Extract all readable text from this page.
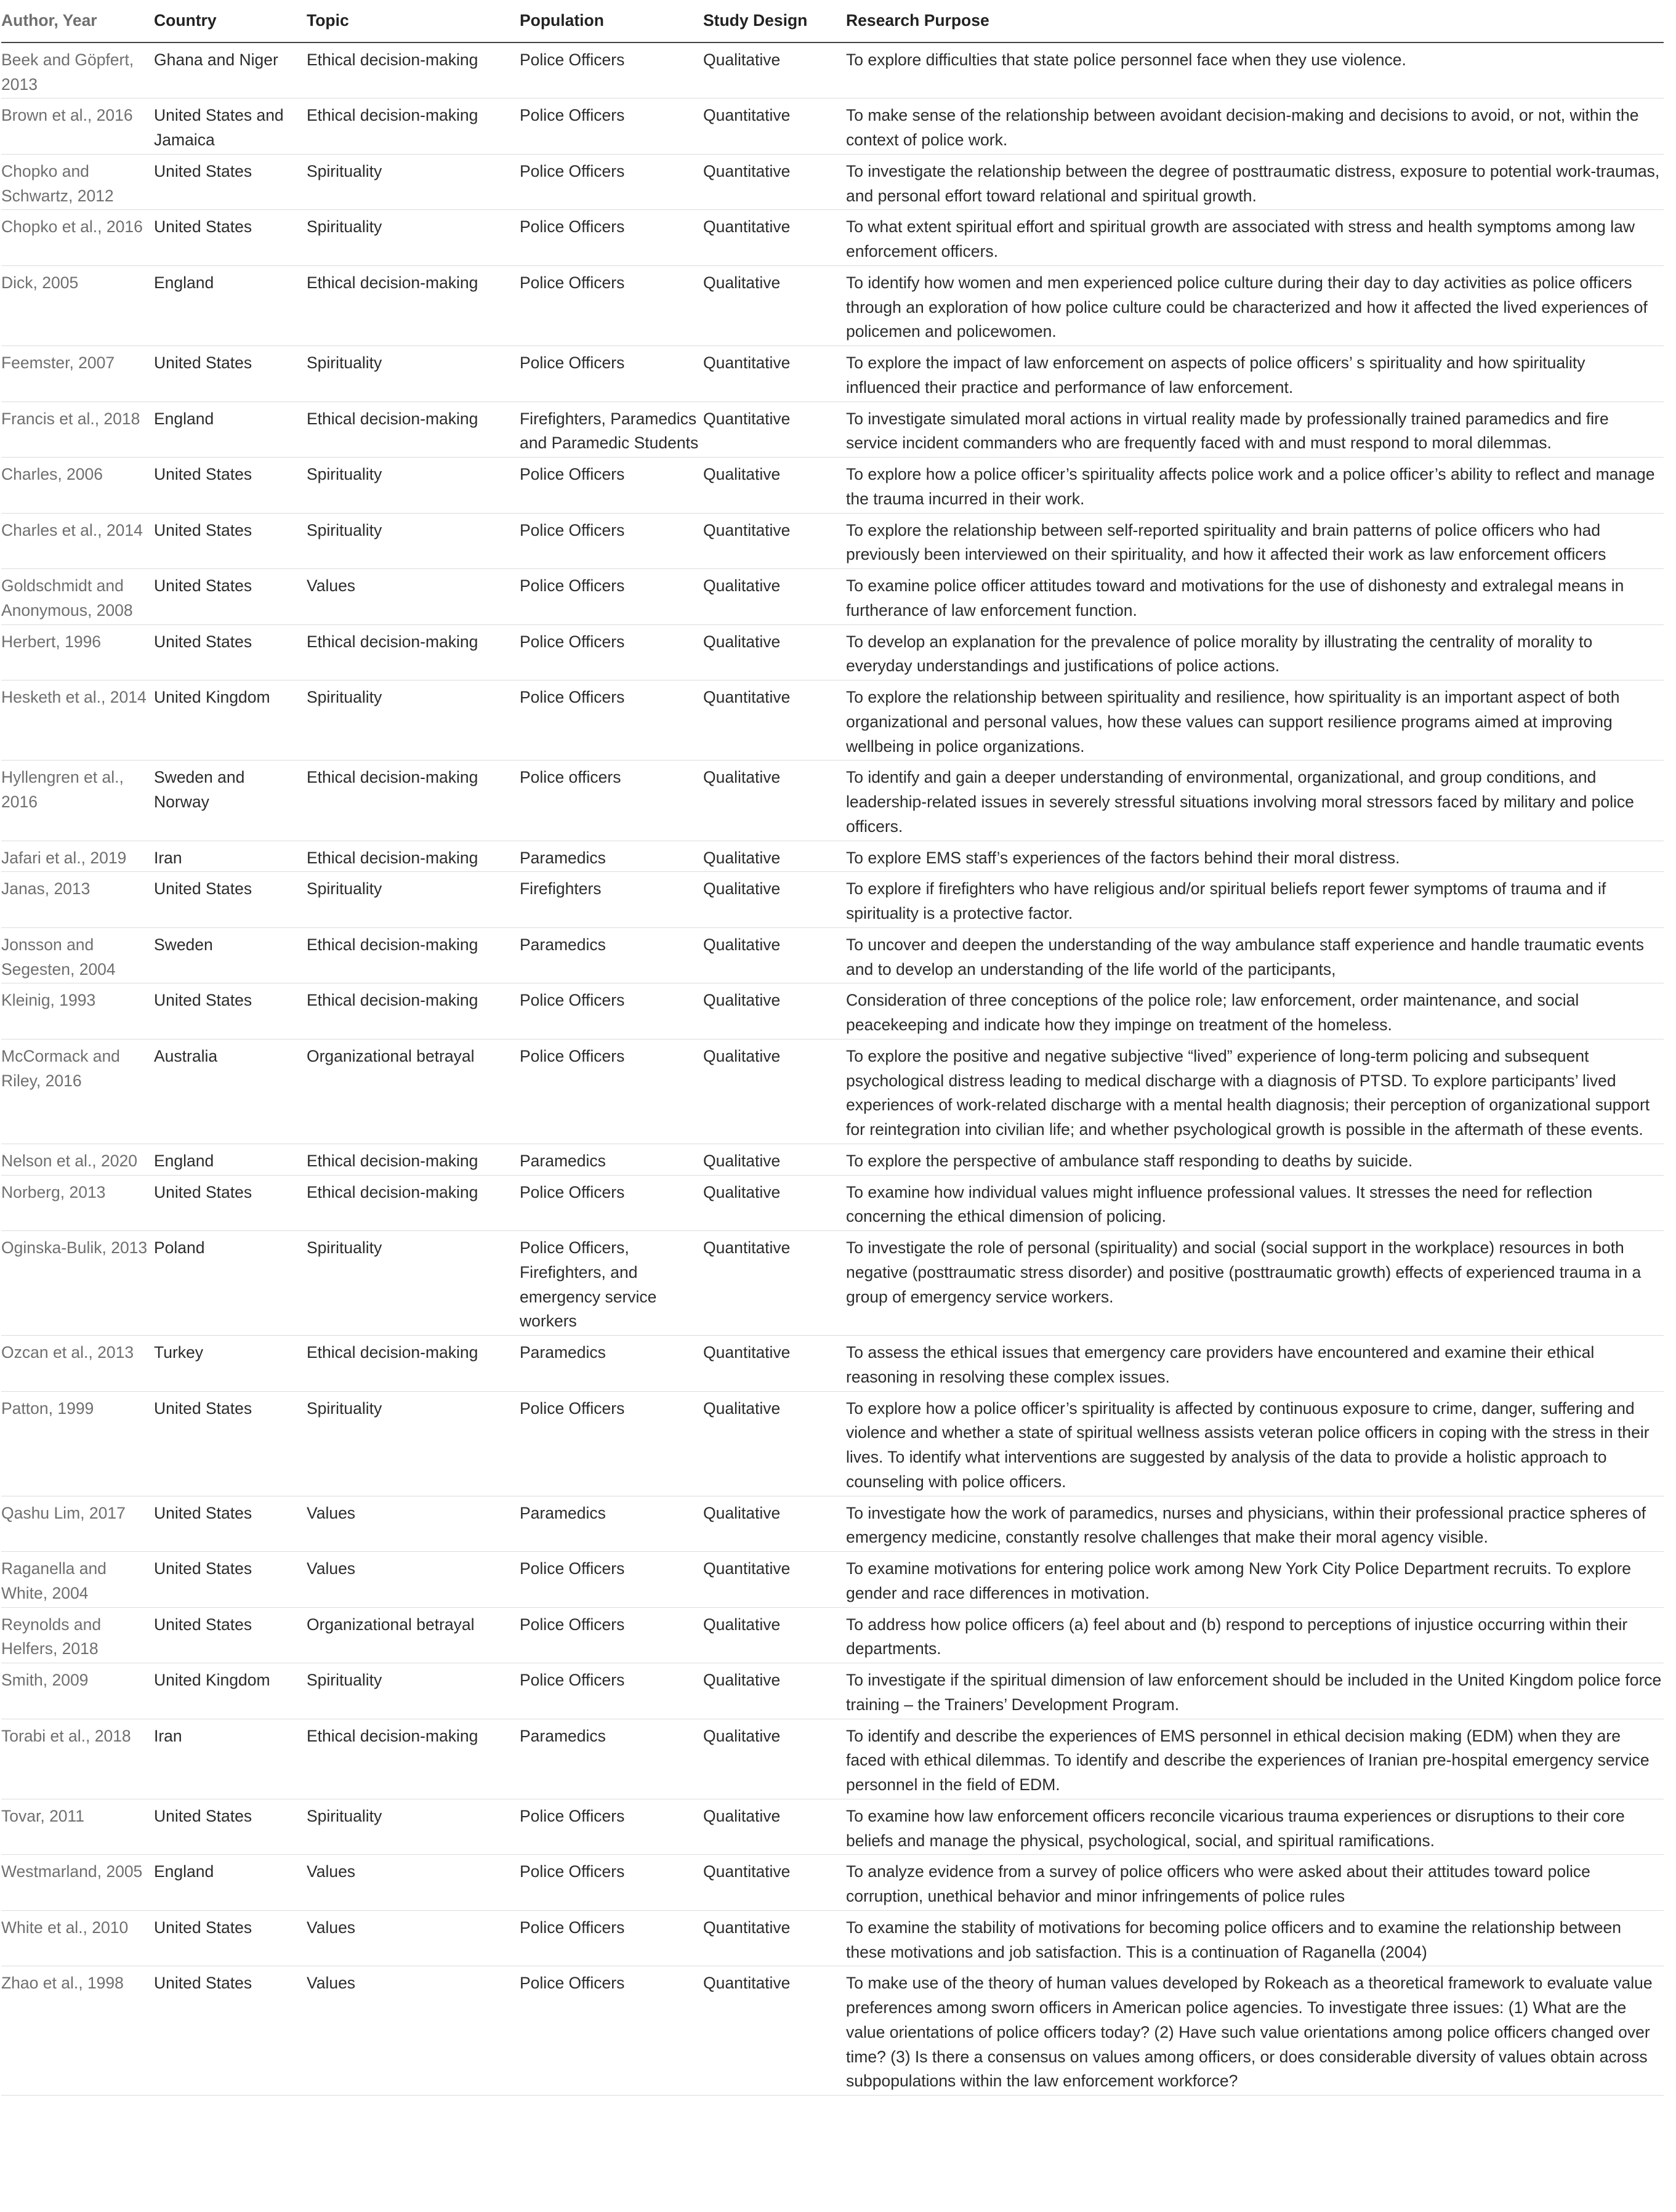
Author, Year	Country	Topic	Population	Study Design	Research Purpose
Beek and Göpfert, 2013	Ghana and Niger	Ethical decision-making	Police Officers	Qualitative	To explore difficulties that state police personnel face when they use violence.
Brown et al., 2016	United States and Jamaica	Ethical decision-making	Police Officers	Quantitative	To make sense of the relationship between avoidant decision-making and decisions to avoid, or not, within the context of police work.
Chopko and Schwartz, 2012	United States	Spirituality	Police Officers	Quantitative	To investigate the relationship between the degree of posttraumatic distress, exposure to potential work-traumas, and personal effort toward relational and spiritual growth.
Chopko et al., 2016	United States	Spirituality	Police Officers	Quantitative	To what extent spiritual effort and spiritual growth are associated with stress and health symptoms among law enforcement officers.
Dick, 2005	England	Ethical decision-making	Police Officers	Qualitative	To identify how women and men experienced police culture during their day to day activities as police officers through an exploration of how police culture could be characterized and how it affected the lived experiences of policemen and policewomen.
Feemster, 2007	United States	Spirituality	Police Officers	Quantitative	To explore the impact of law enforcement on aspects of police officers’ s spirituality and how spirituality influenced their practice and performance of law enforcement.
Francis et al., 2018	England	Ethical decision-making	Firefighters, Paramedics and Paramedic Students	Quantitative	To investigate simulated moral actions in virtual reality made by professionally trained paramedics and fire service incident commanders who are frequently faced with and must respond to moral dilemmas.
Charles, 2006	United States	Spirituality	Police Officers	Qualitative	To explore how a police officer’s spirituality affects police work and a police officer’s ability to reflect and manage the trauma incurred in their work.
Charles et al., 2014	United States	Spirituality	Police Officers	Quantitative	To explore the relationship between self-reported spirituality and brain patterns of police officers who had previously been interviewed on their spirituality, and how it affected their work as law enforcement officers
Goldschmidt and Anonymous, 2008	United States	Values	Police Officers	Qualitative	To examine police officer attitudes toward and motivations for the use of dishonesty and extralegal means in furtherance of law enforcement function.
Herbert, 1996	United States	Ethical decision-making	Police Officers	Qualitative	To develop an explanation for the prevalence of police morality by illustrating the centrality of morality to everyday understandings and justifications of police actions.
Hesketh et al., 2014	United Kingdom	Spirituality	Police Officers	Quantitative	To explore the relationship between spirituality and resilience, how spirituality is an important aspect of both organizational and personal values, how these values can support resilience programs aimed at improving wellbeing in police organizations.
Hyllengren et al., 2016	Sweden and Norway	Ethical decision-making	Police officers	Qualitative	To identify and gain a deeper understanding of environmental, organizational, and group conditions, and leadership-related issues in severely stressful situations involving moral stressors faced by military and police officers.
Jafari et al., 2019	Iran	Ethical decision-making	Paramedics	Qualitative	To explore EMS staff’s experiences of the factors behind their moral distress.
Janas, 2013	United States	Spirituality	Firefighters	Qualitative	To explore if firefighters who have religious and/or spiritual beliefs report fewer symptoms of trauma and if spirituality is a protective factor.
Jonsson and Segesten, 2004	Sweden	Ethical decision-making	Paramedics	Qualitative	To uncover and deepen the understanding of the way ambulance staff experience and handle traumatic events and to develop an understanding of the life world of the participants,
Kleinig, 1993	United States	Ethical decision-making	Police Officers	Qualitative	Consideration of three conceptions of the police role; law enforcement, order maintenance, and social peacekeeping and indicate how they impinge on treatment of the homeless.
McCormack and Riley, 2016	Australia	Organizational betrayal	Police Officers	Qualitative	To explore the positive and negative subjective “lived” experience of long-term policing and subsequent psychological distress leading to medical discharge with a diagnosis of PTSD. To explore participants’ lived experiences of work-related discharge with a mental health diagnosis; their perception of organizational support for reintegration into civilian life; and whether psychological growth is possible in the aftermath of these events.
Nelson et al., 2020	England	Ethical decision-making	Paramedics	Qualitative	To explore the perspective of ambulance staff responding to deaths by suicide.
Norberg, 2013	United States	Ethical decision-making	Police Officers	Qualitative	To examine how individual values might influence professional values. It stresses the need for reflection concerning the ethical dimension of policing.
Oginska-Bulik, 2013	Poland	Spirituality	Police Officers, Firefighters, and emergency service workers	Quantitative	To investigate the role of personal (spirituality) and social (social support in the workplace) resources in both negative (posttraumatic stress disorder) and positive (posttraumatic growth) effects of experienced trauma in a group of emergency service workers.
Ozcan et al., 2013	Turkey	Ethical decision-making	Paramedics	Quantitative	To assess the ethical issues that emergency care providers have encountered and examine their ethical reasoning in resolving these complex issues.
Patton, 1999	United States	Spirituality	Police Officers	Qualitative	To explore how a police officer’s spirituality is affected by continuous exposure to crime, danger, suffering and violence and whether a state of spiritual wellness assists veteran police officers in coping with the stress in their lives. To identify what interventions are suggested by analysis of the data to provide a holistic approach to counseling with police officers.
Qashu Lim, 2017	United States	Values	Paramedics	Qualitative	To investigate how the work of paramedics, nurses and physicians, within their professional practice spheres of emergency medicine, constantly resolve challenges that make their moral agency visible.
Raganella and White, 2004	United States	Values	Police Officers	Quantitative	To examine motivations for entering police work among New York City Police Department recruits. To explore gender and race differences in motivation.
Reynolds and Helfers, 2018	United States	Organizational betrayal	Police Officers	Qualitative	To address how police officers (a) feel about and (b) respond to perceptions of injustice occurring within their departments.
Smith, 2009	United Kingdom	Spirituality	Police Officers	Qualitative	To investigate if the spiritual dimension of law enforcement should be included in the United Kingdom police force training – the Trainers’ Development Program.
Torabi et al., 2018	Iran	Ethical decision-making	Paramedics	Qualitative	To identify and describe the experiences of EMS personnel in ethical decision making (EDM) when they are faced with ethical dilemmas. To identify and describe the experiences of Iranian pre-hospital emergency service personnel in the field of EDM.
Tovar, 2011	United States	Spirituality	Police Officers	Qualitative	To examine how law enforcement officers reconcile vicarious trauma experiences or disruptions to their core beliefs and manage the physical, psychological, social, and spiritual ramifications.
Westmarland, 2005	England	Values	Police Officers	Quantitative	To analyze evidence from a survey of police officers who were asked about their attitudes toward police corruption, unethical behavior and minor infringements of police rules
White et al., 2010	United States	Values	Police Officers	Quantitative	To examine the stability of motivations for becoming police officers and to examine the relationship between these motivations and job satisfaction. This is a continuation of Raganella (2004)
Zhao et al., 1998	United States	Values	Police Officers	Quantitative	To make use of the theory of human values developed by Rokeach as a theoretical framework to evaluate value preferences among sworn officers in American police agencies. To investigate three issues: (1) What are the value orientations of police officers today? (2) Have such value orientations among police officers changed over time? (3) Is there a consensus on values among officers, or does considerable diversity of values obtain across subpopulations within the law enforcement workforce?
